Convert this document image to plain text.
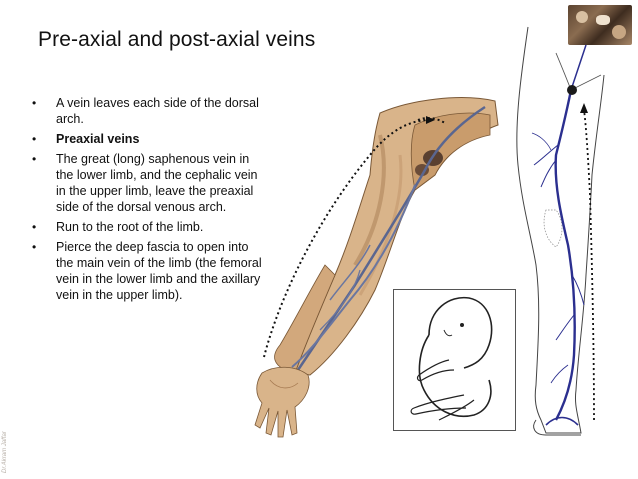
Pre-axial and post-axial veins
• A vein leaves each side of the dorsal arch.
• Preaxial veins
• The great (long) saphenous vein in the lower limb, and the cephalic vein in the upper limb, leave the preaxial side of the dorsal venous arch.
• Run to the root of the limb.
• Pierce the deep fascia to open into the main vein of the limb (the femoral vein in the lower limb and the axillary vein in the upper limb).
Dr.Akram Jaffar
